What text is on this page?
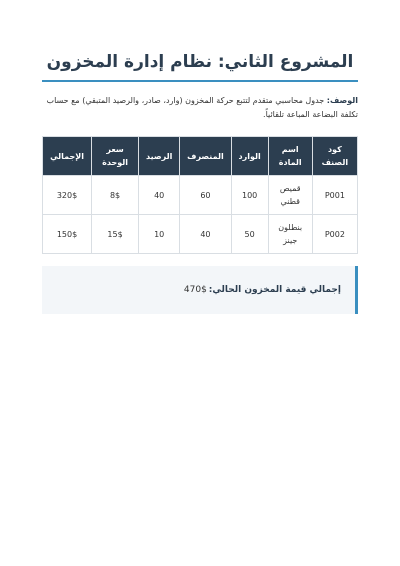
المشروع الثاني: نظام إدارة المخزون

الوصف: جدول محاسبي متقدم لتتبع حركة المخزون (وارد، صادر، والرصيد المتبقي) مع حساب تكلفة البضاعة المباعة تلقائياً.

كود الصنف	اسم المادة	الوارد	المنصرف	الرصيد	سعر الوحدة	الإجمالي
P001	قميص قطني	100	60	40	8$	320$
P002	بنطلون جينز	50	40	10	15$	150$
إجمالي قيمة المخزون الحالي:
470$
